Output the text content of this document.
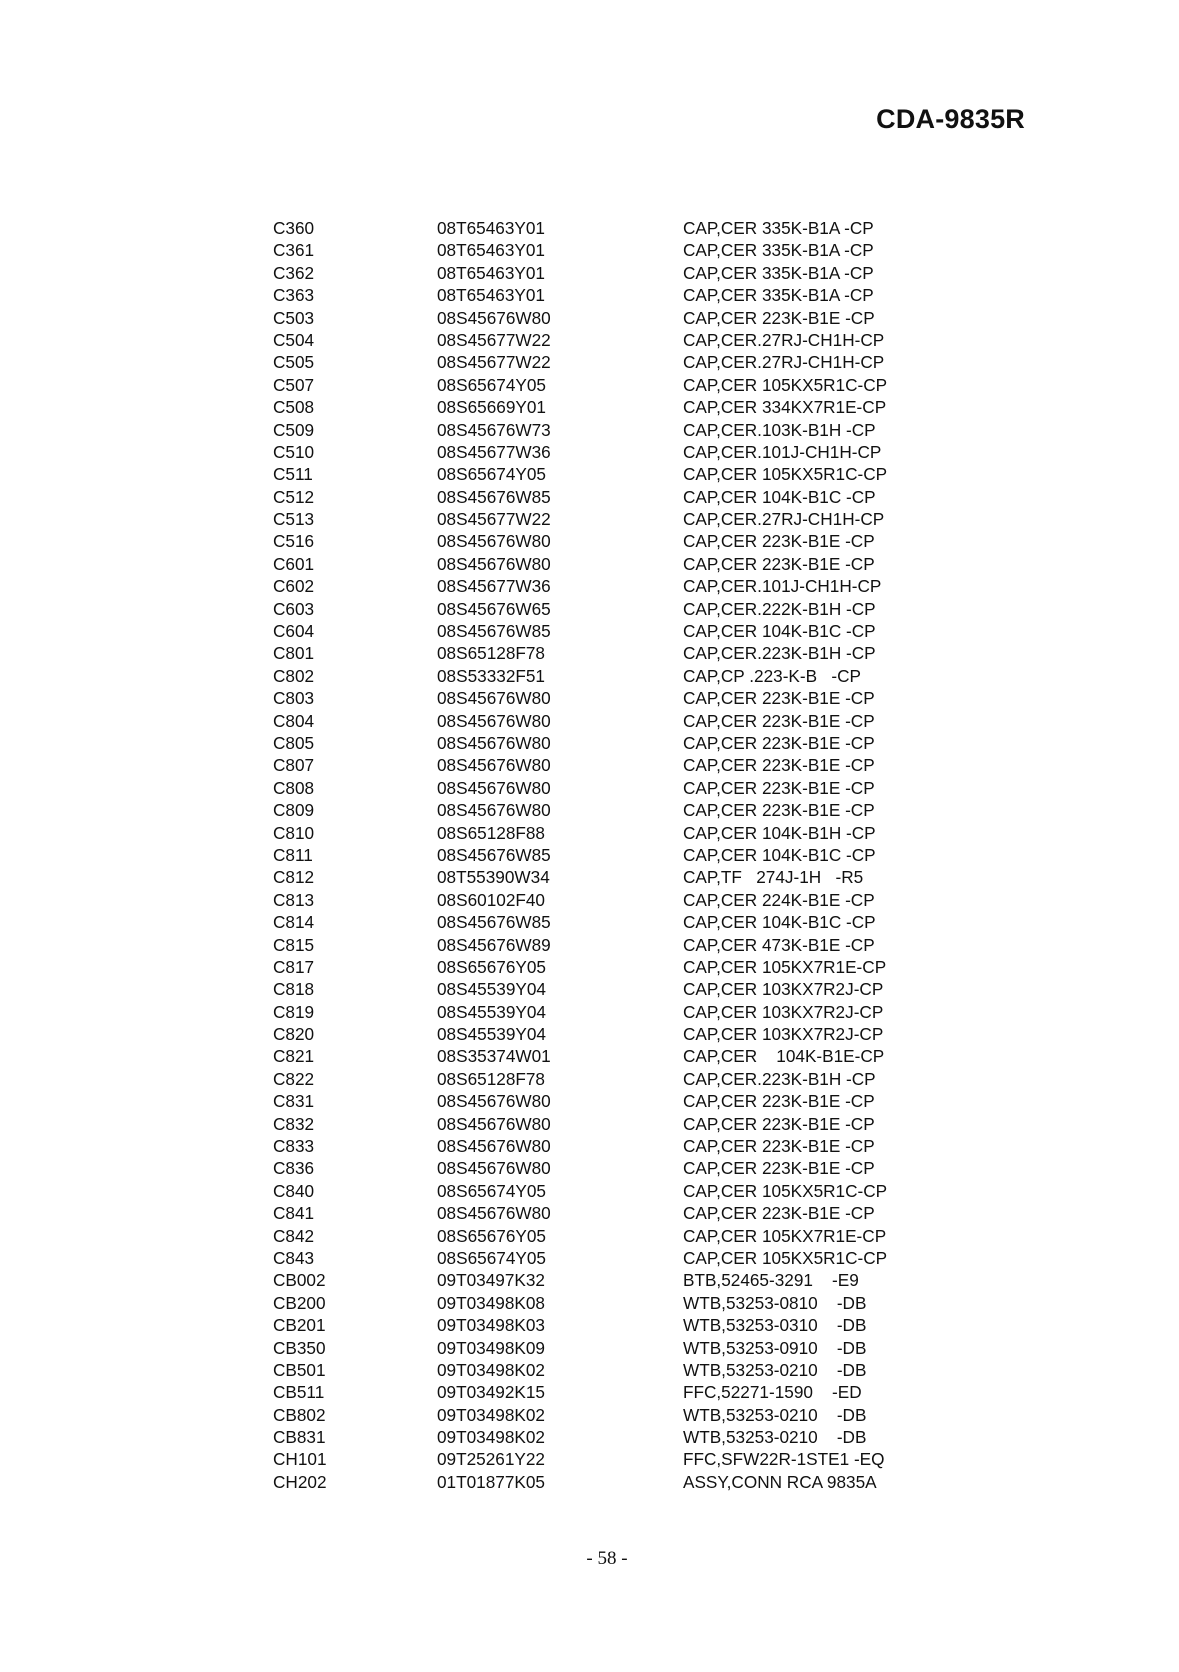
CDA-9835R
C360	08T65463Y01	CAP,CER 335K-B1A -CP
C361	08T65463Y01	CAP,CER 335K-B1A -CP
C362	08T65463Y01	CAP,CER 335K-B1A -CP
C363	08T65463Y01	CAP,CER 335K-B1A -CP
C503	08S45676W80	CAP,CER 223K-B1E -CP
C504	08S45677W22	CAP,CER.27RJ-CH1H-CP
C505	08S45677W22	CAP,CER.27RJ-CH1H-CP
C507	08S65674Y05	CAP,CER 105KX5R1C-CP
C508	08S65669Y01	CAP,CER 334KX7R1E-CP
C509	08S45676W73	CAP,CER.103K-B1H -CP
C510	08S45677W36	CAP,CER.101J-CH1H-CP
C511	08S65674Y05	CAP,CER 105KX5R1C-CP
C512	08S45676W85	CAP,CER 104K-B1C -CP
C513	08S45677W22	CAP,CER.27RJ-CH1H-CP
C516	08S45676W80	CAP,CER 223K-B1E -CP
C601	08S45676W80	CAP,CER 223K-B1E -CP
C602	08S45677W36	CAP,CER.101J-CH1H-CP
C603	08S45676W65	CAP,CER.222K-B1H -CP
C604	08S45676W85	CAP,CER 104K-B1C -CP
C801	08S65128F78	CAP,CER.223K-B1H -CP
C802	08S53332F51	CAP,CP .223-K-B   -CP
C803	08S45676W80	CAP,CER 223K-B1E -CP
C804	08S45676W80	CAP,CER 223K-B1E -CP
C805	08S45676W80	CAP,CER 223K-B1E -CP
C807	08S45676W80	CAP,CER 223K-B1E -CP
C808	08S45676W80	CAP,CER 223K-B1E -CP
C809	08S45676W80	CAP,CER 223K-B1E -CP
C810	08S65128F88	CAP,CER 104K-B1H -CP
C811	08S45676W85	CAP,CER 104K-B1C -CP
C812	08T55390W34	CAP,TF   274J-1H   -R5
C813	08S60102F40	CAP,CER 224K-B1E -CP
C814	08S45676W85	CAP,CER 104K-B1C -CP
C815	08S45676W89	CAP,CER 473K-B1E -CP
C817	08S65676Y05	CAP,CER 105KX7R1E-CP
C818	08S45539Y04	CAP,CER 103KX7R2J-CP
C819	08S45539Y04	CAP,CER 103KX7R2J-CP
C820	08S45539Y04	CAP,CER 103KX7R2J-CP
C821	08S35374W01	CAP,CER    104K-B1E-CP
C822	08S65128F78	CAP,CER.223K-B1H -CP
C831	08S45676W80	CAP,CER 223K-B1E -CP
C832	08S45676W80	CAP,CER 223K-B1E -CP
C833	08S45676W80	CAP,CER 223K-B1E -CP
C836	08S45676W80	CAP,CER 223K-B1E -CP
C840	08S65674Y05	CAP,CER 105KX5R1C-CP
C841	08S45676W80	CAP,CER 223K-B1E -CP
C842	08S65676Y05	CAP,CER 105KX7R1E-CP
C843	08S65674Y05	CAP,CER 105KX5R1C-CP
CB002	09T03497K32	BTB,52465-3291    -E9
CB200	09T03498K08	WTB,53253-0810    -DB
CB201	09T03498K03	WTB,53253-0310    -DB
CB350	09T03498K09	WTB,53253-0910    -DB
CB501	09T03498K02	WTB,53253-0210    -DB
CB511	09T03492K15	FFC,52271-1590    -ED
CB802	09T03498K02	WTB,53253-0210    -DB
CB831	09T03498K02	WTB,53253-0210    -DB
CH101	09T25261Y22	FFC,SFW22R-1STE1 -EQ
CH202	01T01877K05	ASSY,CONN RCA 9835A
- 58 -
